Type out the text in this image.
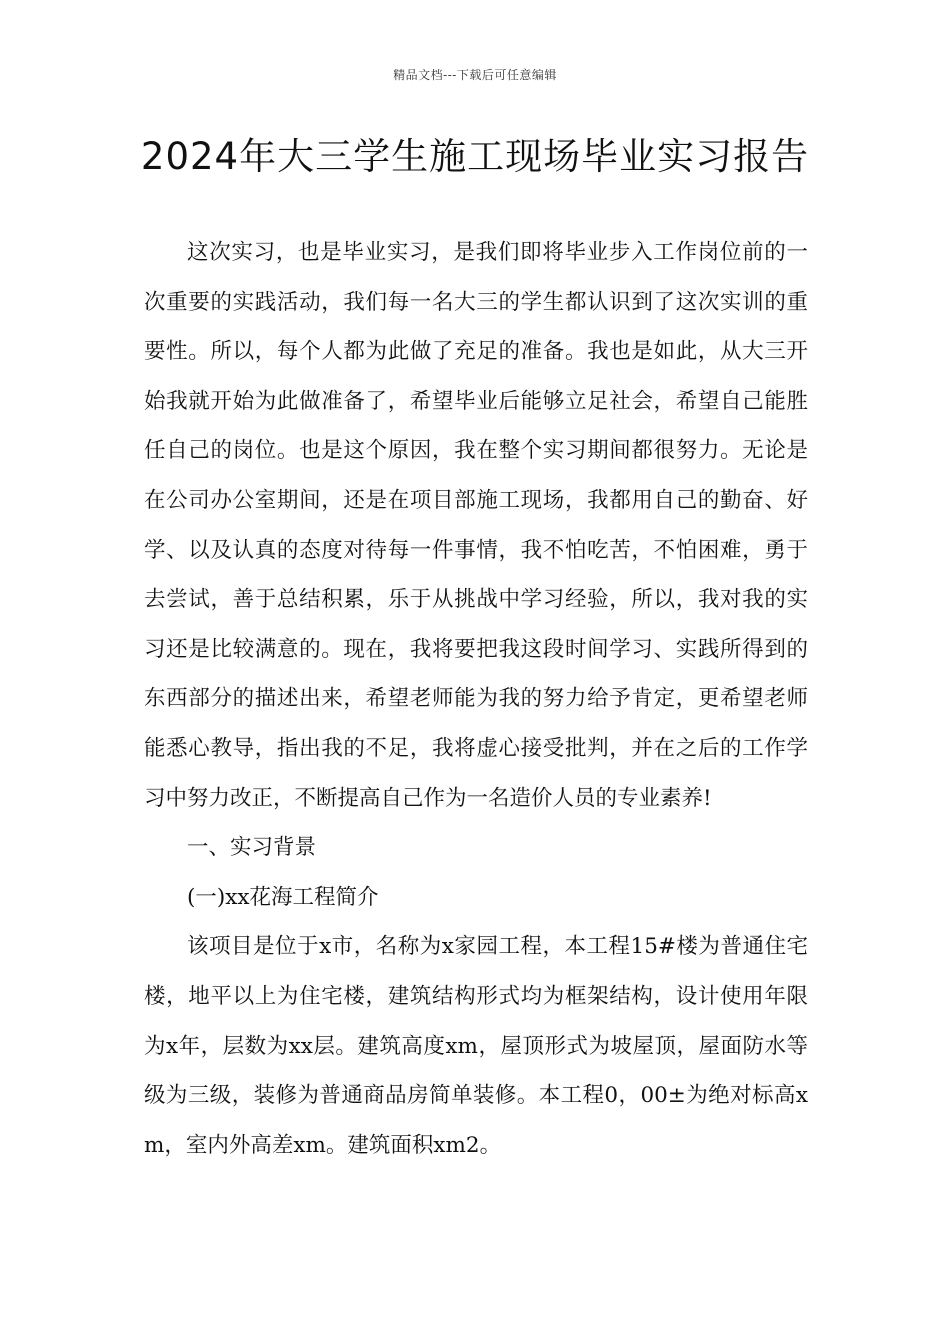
精品文档---下载后可任意编辑
2024年大三学生施工现场毕业实习报告

这次实习，也是毕业实习，是我们即将毕业步入工作岗位前的一次重要的实践活动，我们每一名大三的学生都认识到了这次实训的重要性。所以，每个人都为此做了充足的准备。我也是如此，从大三开始我就开始为此做准备了，希望毕业后能够立足社会，希望自己能胜任自己的岗位。也是这个原因，我在整个实习期间都很努力。无论是在公司办公室期间，还是在项目部施工现场，我都用自己的勤奋、好学、以及认真的态度对待每一件事情，我不怕吃苦，不怕困难，勇于去尝试，善于总结积累，乐于从挑战中学习经验，所以，我对我的实习还是比较满意的。现在，我将要把我这段时间学习、实践所得到的东西部分的描述出来，希望老师能为我的努力给予肯定，更希望老师能悉心教导，指出我的不足，我将虚心接受批判，并在之后的工作学习中努力改正，不断提高自己作为一名造价人员的专业素养!

一、实习背景

(一)xx花海工程简介

该项目是位于x市，名称为x家园工程，本工程15#楼为普通住宅楼，地平以上为住宅楼，建筑结构形式均为框架结构，设计使用年限为x年，层数为xx层。建筑高度xm，屋顶形式为坡屋顶，屋面防水等级为三级，装修为普通商品房简单装修。本工程0，00±为绝对标高xm，室内外高差xm。建筑面积xm2。
